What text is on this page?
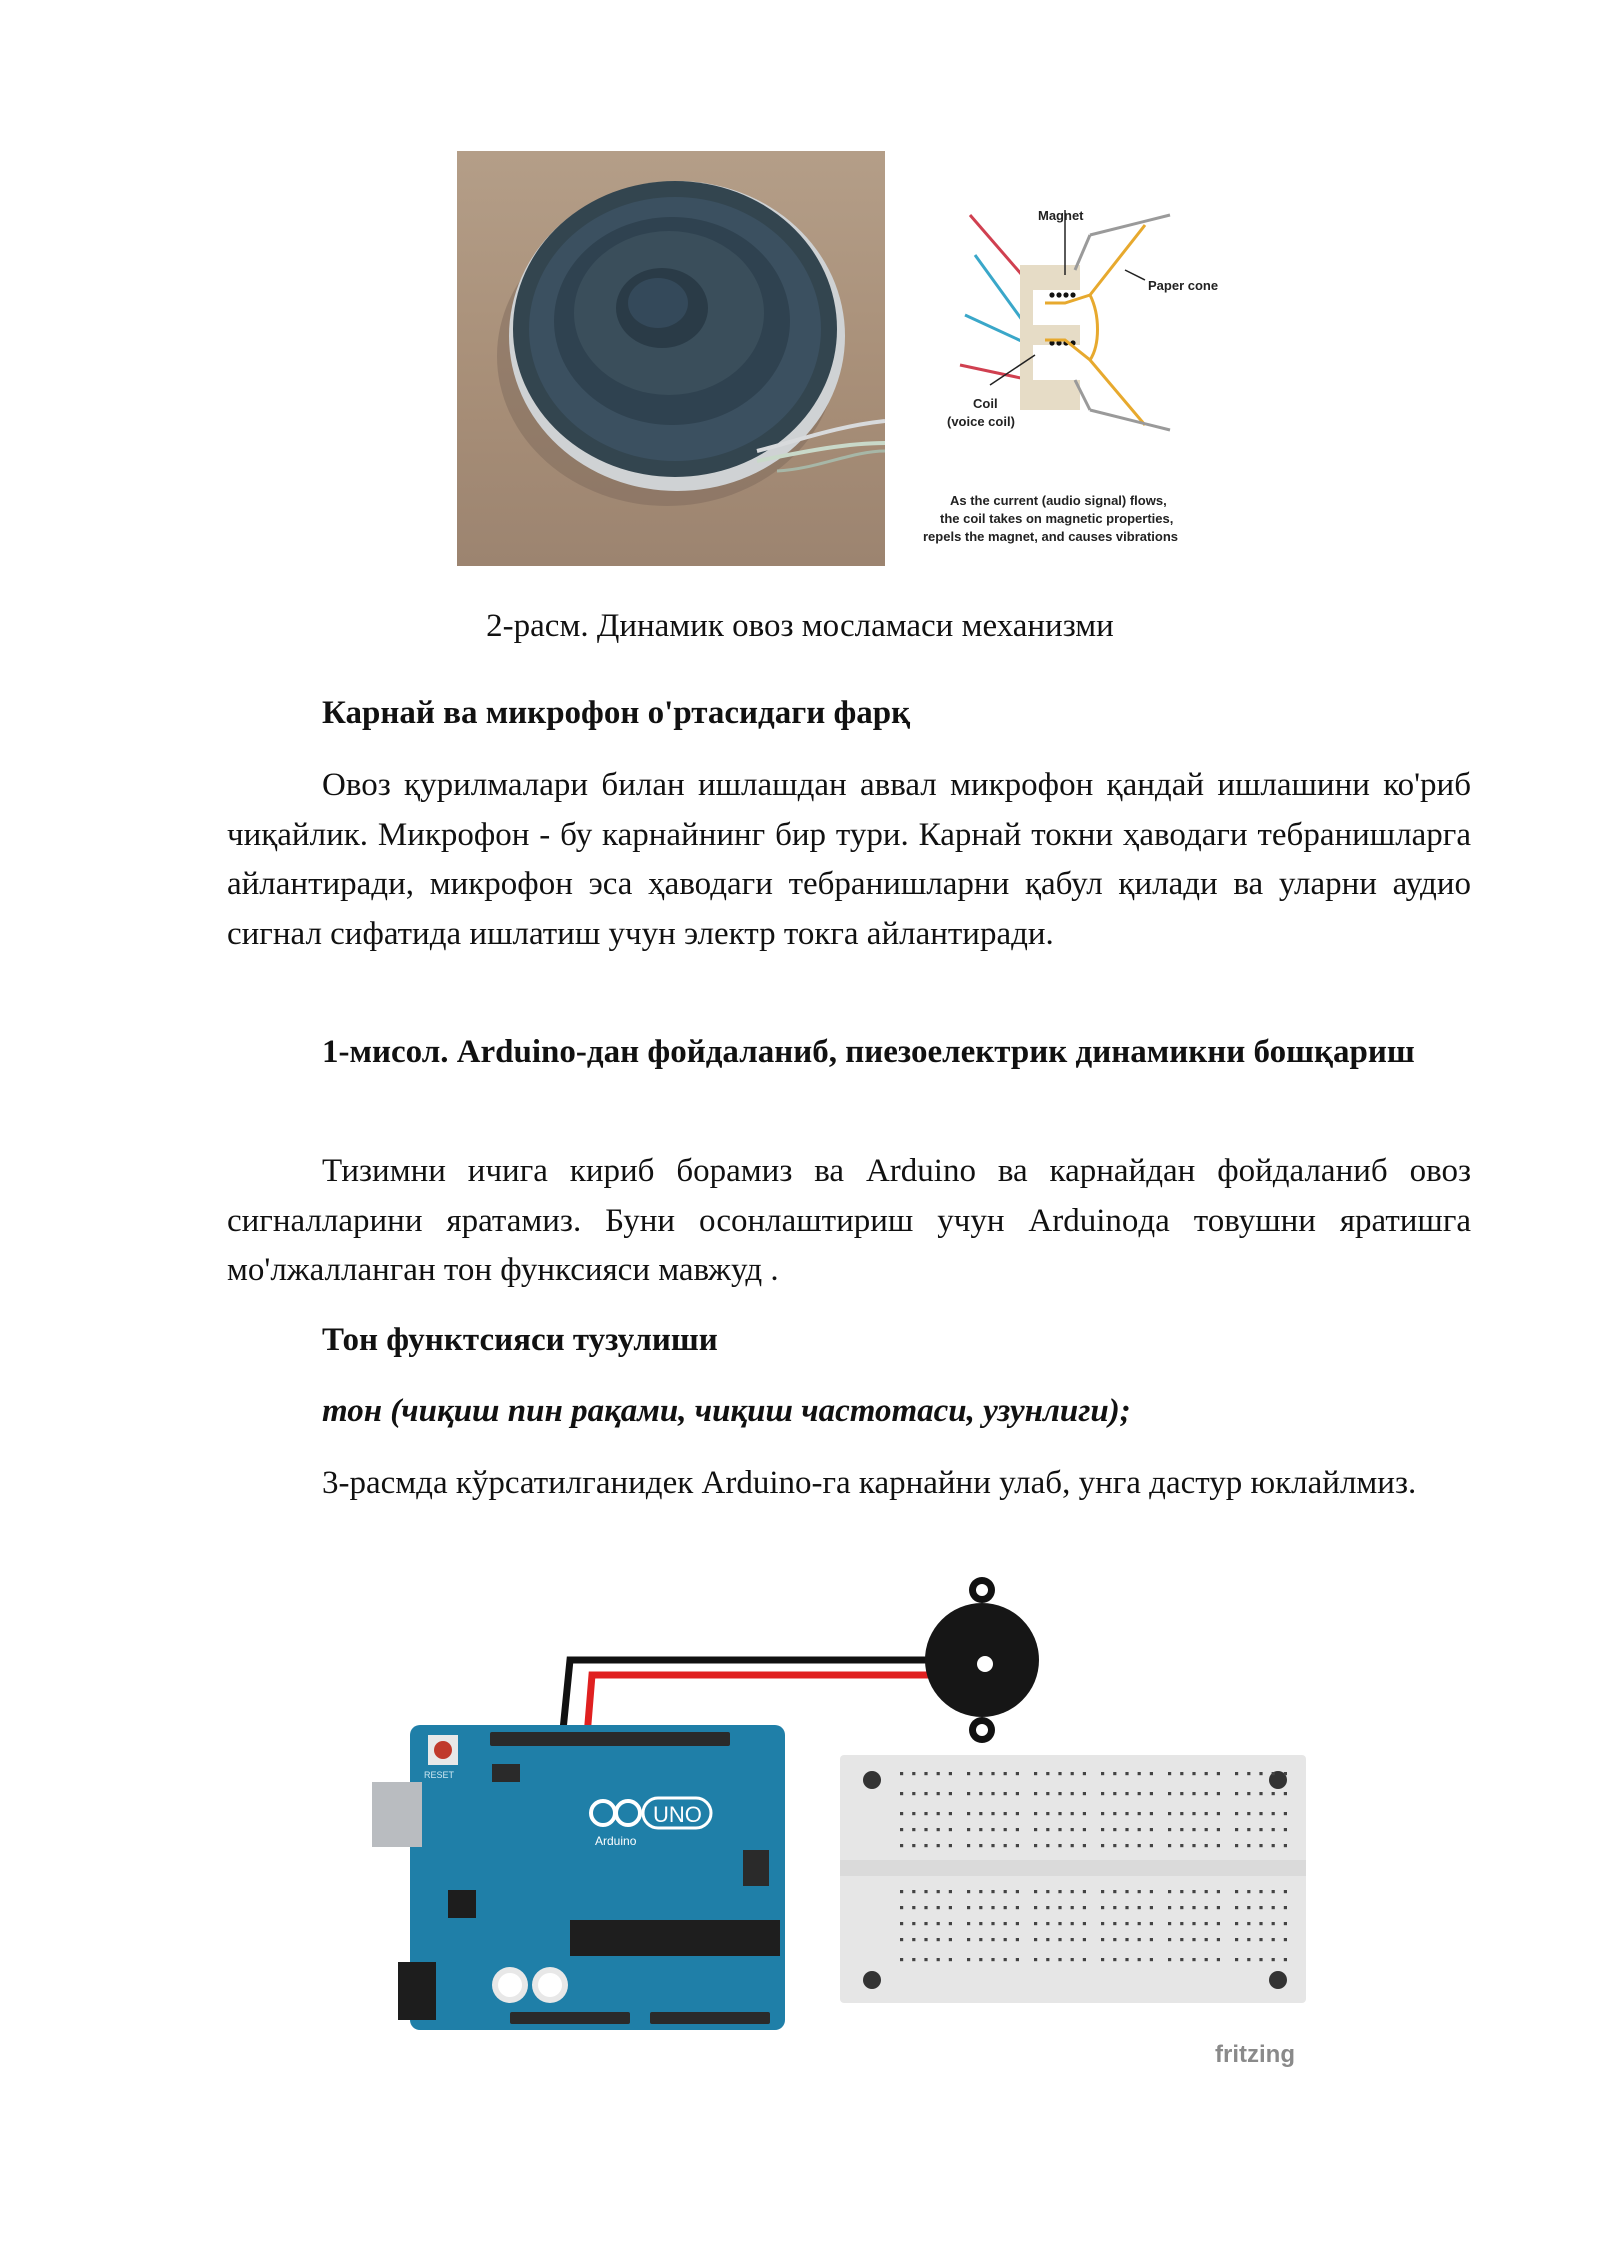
Magnet
Paper cone
Coil
(voice coil)
As the current (audio signal) flows,
the coil takes on magnetic properties,
repels the magnet, and causes vibrations
2-расм. Динамик овоз мосламаси механизми
Карнай ва микрофон o'ртасидаги фарқ
Овоз қурилмалари билан ишлашдан аввал микрофон қандай ишлашини ко'риб чиқайлик. Микрофон - бу карнайнинг бир тури. Карнай токни ҳаводаги тебранишларга айлантиради, микрофон эса ҳаводаги тебранишларни қабул қилади ва уларни аудио сигнал сифатида ишлатиш учун электр токга айлантиради.
1-мисол. Arduino-дан фойдаланиб, пиезоелектрик динамикни бошқариш
Тизимни ичига кириб борамиз ва Arduino ва карнайдан фойдаланиб овоз сигналларини яратамиз. Буни осонлаштириш учун Arduinoда товушни яратишга мо'лжалланган тон функсияси мавжуд .
Тон функтсияси тузулиши
тон (чиқиш пин рақами, чиқиш частотаси, узунлиги);
3-расмда кўрсатилганидек Arduino-га карнайни улаб, унга дастур юклайлмиз.
RESET
UNO
Arduino
fritzing
